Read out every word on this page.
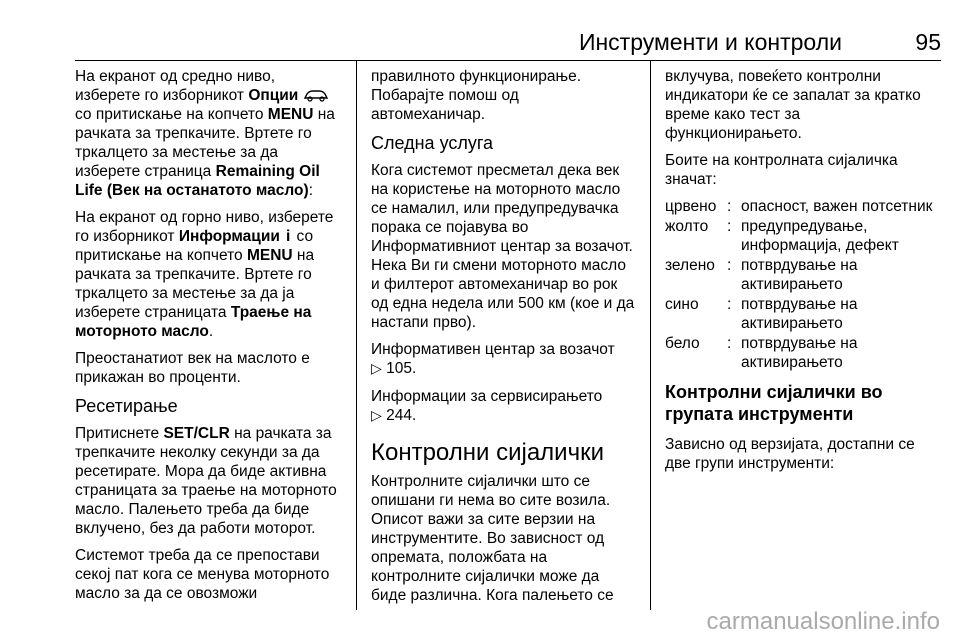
Инструменти и контроли	95

На екранот од средно ниво, изберете го изборникот Опции  со притискање на копчето MENU на рачката за трепкачите. Вртете го тркалцето за местење за да изберете страница Remaining Oil Life (Век на останатото масло):

На екранот од горно ниво, изберете го изборникот Информации i со притискање на копчето MENU на рачката за трепкачите. Вртете го тркалцето за местење за да ја изберете страницата Траење на моторното масло.

Преостанатиот век на маслото е прикажан во проценти.

Ресетирање

Притиснете SET/CLR на рачката за трепкачите неколку секунди за да ресетирате. Мора да биде активна страницата за траење на моторното масло. Палењето треба да биде вклучено, без да работи моторот.

Системот треба да се препостави секој пат кога се менува моторното масло за да се овозможи

правилното функционирање. Побарајте помош од автомеханичар.

Следна услуга

Кога системот пресметал дека век на користење на моторното масло се намалил, или предупредувачка порака се појавува во Информативниот центар за возачот. Нека Ви ги смени моторното масло и филтерот автомеханичар во рок од една недела или 500 км (кое и да настапи прво).

Информативен центар за возачот
▷ 105.

Информации за сервисирањето
▷ 244.

Контролни сијалички

Контролните сијалички што се опишани ги нема во сите возила. Описот важи за сите верзии на инструментите. Во зависност од опремата, положбата на контролните сијалички може да биде различна. Кога палењето се

вклучува, повеќето контролни индикатори ќе се запалат за кратко време како тест за функционирањето.

Боите на контролната сијаличка значат:

црвено	:	опасност, важен потсетник
жолто	:	предупредување, информација, дефект
зелено	:	потврдување на активирањето
сино	:	потврдување на активирањето
бело	:	потврдување на активирањето
Контролни сијалички во групата инструменти

Зависно од верзијата, достапни се две групи инструменти:

carmanualsonline.info
